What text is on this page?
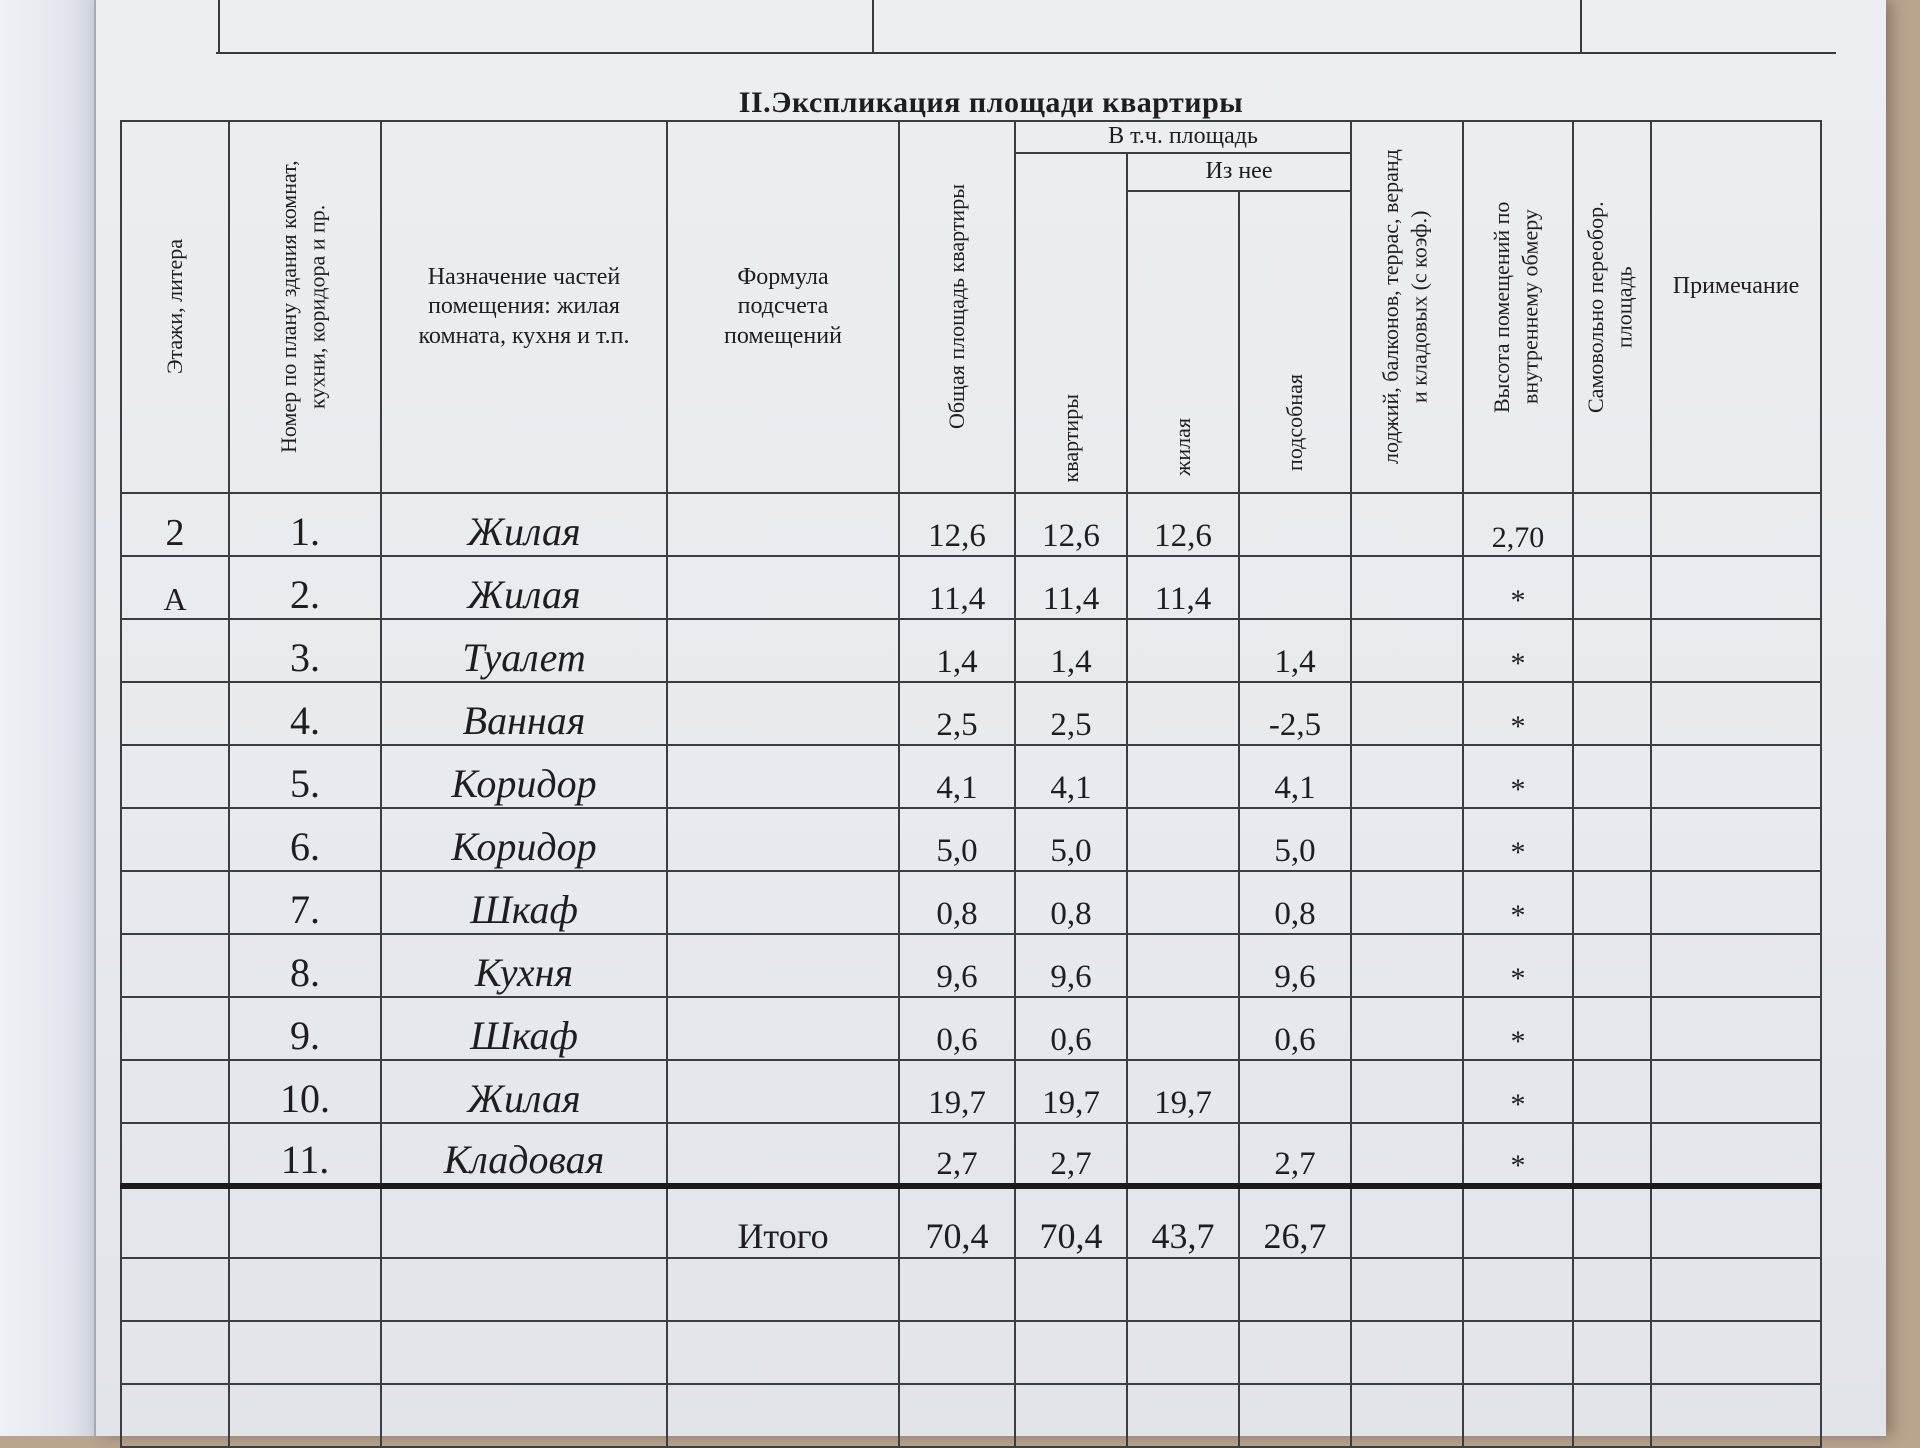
II.Экспликация площади квартиры
Этажи, литера	Номер по плану здания комнат, кухни, коридора и пр.	Назначение частей помещения: жилая комната, кухня и т.п.	Формула подсчета помещений	Общая площадь квартиры	В т.ч. площадь			лоджий, балконов, террас, веранд и кладовых (с коэф.)	Высота помещений по внутреннему обмеру	Самовольно переобор. площадь	Примечание

					квартиры	Из нее					

						жилая	подсобная				

2	1.	Жилая		12,6	12,6	12,6			2,70		
А	2.	Жилая		11,4	11,4	11,4			*		
	3.	Туалет		1,4	1,4		1,4		*		
	4.	Ванная		2,5	2,5		-2,5		*		
	5.	Коридор		4,1	4,1		4,1		*		
	6.	Коридор		5,0	5,0		5,0		*		
	7.	Шкаф		0,8	0,8		0,8		*		
	8.	Кухня		9,6	9,6		9,6		*		
	9.	Шкаф		0,6	0,6		0,6		*		
	10.	Жилая		19,7	19,7	19,7			*		
	11.	Кладовая		2,7	2,7		2,7		*		
			Итого	70,4	70,4	43,7	26,7				
